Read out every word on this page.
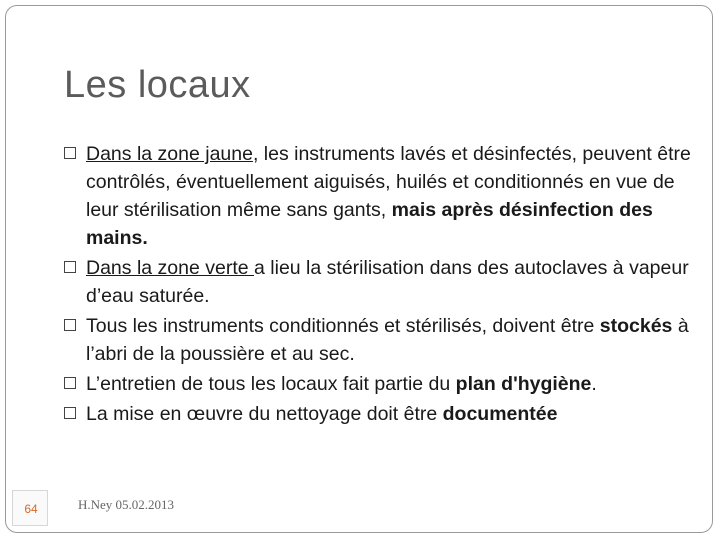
Les locaux
Dans la zone jaune, les instruments lavés et désinfectés, peuvent être contrôlés, éventuellement aiguisés, huilés et conditionnés en vue de leur stérilisation même sans gants, mais après désinfection des mains.
Dans la zone verte a lieu la stérilisation dans des autoclaves à vapeur d’eau saturée.
Tous les instruments conditionnés et stérilisés, doivent être stockés à l’abri de la poussière et au sec.
L’entretien de tous les locaux fait partie du plan d'hygiène.
La mise en œuvre du nettoyage doit être documentée
H.Ney 05.02.2013
64
